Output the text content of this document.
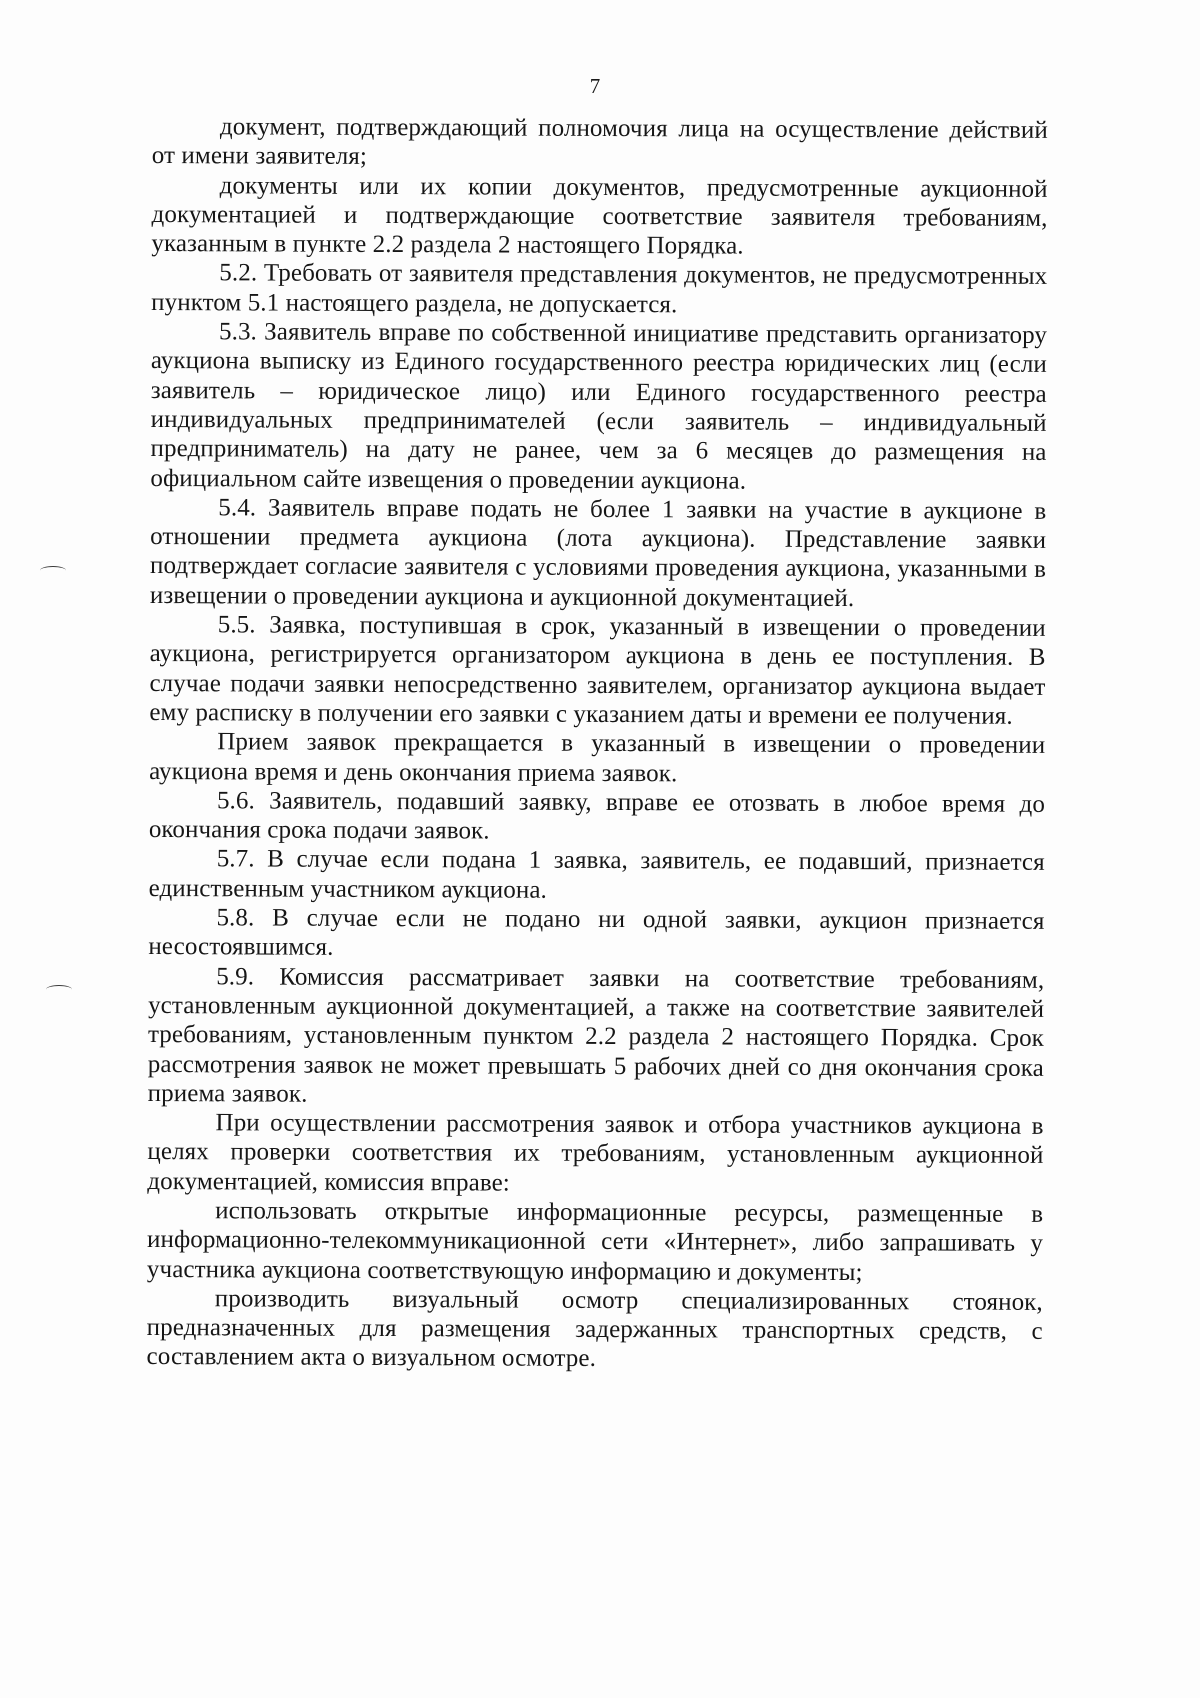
7

документ, подтверждающий полномочия лица на осуществление действий от имени заявителя;

документы или их копии документов, предусмотренные аукционной документацией и подтверждающие соответствие заявителя требованиям, указанным в пункте 2.2 раздела 2 настоящего Порядка.

5.2. Требовать от заявителя представления документов, не предусмотренных пунктом 5.1 настоящего раздела, не допускается.

5.3. Заявитель вправе по собственной инициативе представить организатору аукциона выписку из Единого государственного реестра юридических лиц (если заявитель – юридическое лицо) или Единого государственного реестра индивидуальных предпринимателей (если заявитель – индивидуальный предприниматель) на дату не ранее, чем за 6 месяцев до размещения на официальном сайте извещения о проведении аукциона.

5.4. Заявитель вправе подать не более 1 заявки на участие в аукционе в отношении предмета аукциона (лота аукциона). Представление заявки подтверждает согласие заявителя с условиями проведения аукциона, указанными в извещении о проведении аукциона и аукционной документацией.

5.5. Заявка, поступившая в срок, указанный в извещении о проведении аукциона, регистрируется организатором аукциона в день ее поступления. В случае подачи заявки непосредственно заявителем, организатор аукциона выдает ему расписку в получении его заявки с указанием даты и времени ее получения.

Прием заявок прекращается в указанный в извещении о проведении аукциона время и день окончания приема заявок.

5.6. Заявитель, подавший заявку, вправе ее отозвать в любое время до окончания срока подачи заявок.

5.7. В случае если подана 1 заявка, заявитель, ее подавший, признается единственным участником аукциона.

5.8. В случае если не подано ни одной заявки, аукцион признается несостоявшимся.

5.9. Комиссия рассматривает заявки на соответствие требованиям, установленным аукционной документацией, а также на соответствие заявителей требованиям, установленным пунктом 2.2 раздела 2 настоящего Порядка. Срок рассмотрения заявок не может превышать 5 рабочих дней со дня окончания срока приема заявок.

При осуществлении рассмотрения заявок и отбора участников аукциона в целях проверки соответствия их требованиям, установленным аукционной документацией, комиссия вправе:

использовать открытые информационные ресурсы, размещенные в информационно-телекоммуникационной сети «Интернет», либо запрашивать у участника аукциона соответствующую информацию и документы;

производить визуальный осмотр специализированных стоянок, предназначенных для размещения задержанных транспортных средств, с составлением акта о визуальном осмотре.
